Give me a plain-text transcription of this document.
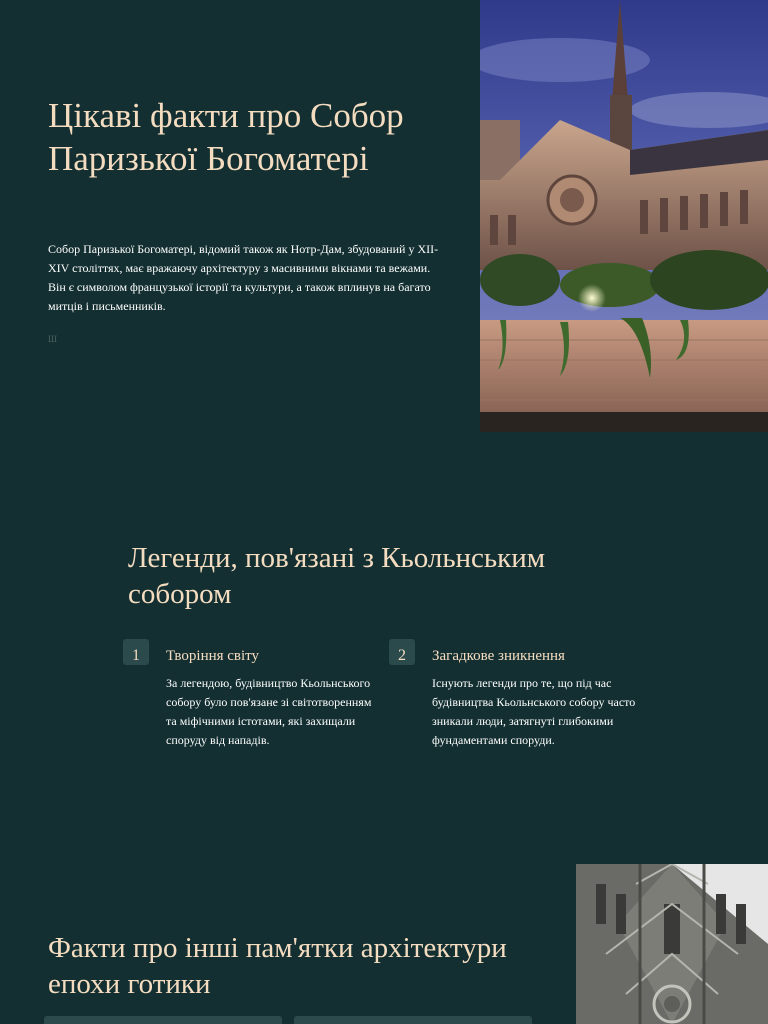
Цікаві факти про Собор Паризької Богоматері

Собор Паризької Богоматері, відомий також як Нотр-Дам, збудований у XII-XIV століттях, має вражаючу архітектуру з масивними вікнами та вежами. Він є символом французької історії та культури, а також вплинув на багато митців і письменників.

Ш

Легенди, пов'язані з Кьольнським собором
1	Творіння світу

За легендою, будівництво Кьольнського собору було пов'язане зі світотворенням та міфічними істотами, які захищали споруду від нападів.

2	Загадкове зникнення

Існують легенди про те, що під час будівництва Кьольнського собору часто зникали люди, затягнуті глибокими фундаментами споруди.

Факти про інші пам'ятки архітектури епохи готики
